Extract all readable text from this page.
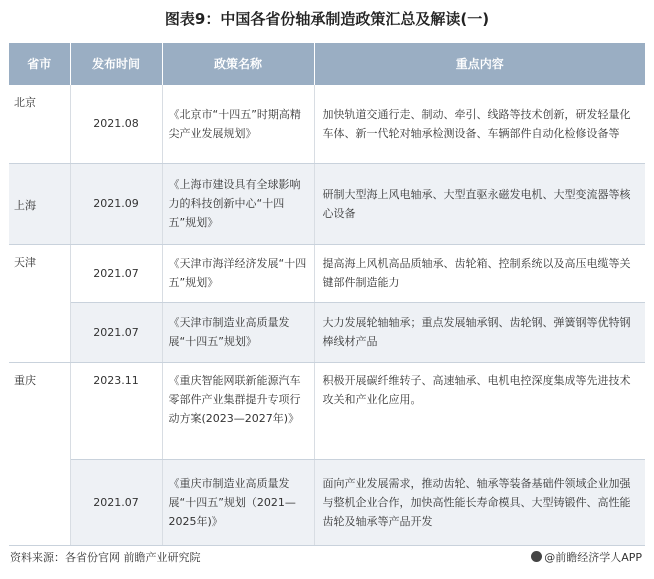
图表9：中国各省份轴承制造政策汇总及解读(一)
省市	发布时间	政策名称	重点内容
北京	2021.08	《北京市“十四五”时期高精尖产业发展规划》	加快轨道交通行走、制动、牵引、线路等技术创新，研发轻量化车体、新一代轮对轴承检测设备、车辆部件自动化检修设备等
上海	2021.09	《上海市建设具有全球影响力的科技创新中心“十四五”规划》	研制大型海上风电轴承、大型直驱永磁发电机、大型变流器等核心设备
天津	2021.07	《天津市海洋经济发展“十四五”规划》	提高海上风机高品质轴承、齿轮箱、控制系统以及高压电缆等关键部件制造能力
	2021.07	《天津市制造业高质量发展“十四五”规划》	大力发展轮轴轴承；重点发展轴承钢、齿轮钢、弹簧钢等优特钢棒线材产品
重庆	2023.11	《重庆智能网联新能源汽车零部件产业集群提升专项行动方案(2023—2027年)》	积极开展碳纤维转子、高速轴承、电机电控深度集成等先进技术攻关和产业化应用。
	2021.07	《重庆市制造业高质量发展“十四五”规划（2021—2025年)》	面向产业发展需求，推动齿轮、轴承等装备基础件领域企业加强与整机企业合作，加快高性能长寿命模具、大型铸锻件、高性能齿轮及轴承等产品开发
资料来源：各省份官网 前瞻产业研究院	@前瞻经济学人APP
